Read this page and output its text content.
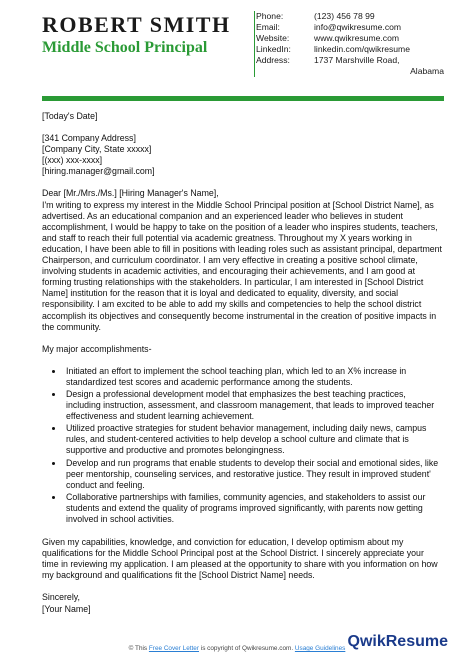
ROBERT SMITH
Middle School Principal
Phone:	(123) 456 78 99
Email:	info@qwikresume.com
Website:	www.qwikresume.com
LinkedIn:	linkedin.com/qwikresume
Address:	1737 Marshville Road,
Alabama

[Today's Date]

[341 Company Address]

[Company City, State xxxxx]

[(xxx) xxx-xxxx]

[hiring.manager@gmail.com]

Dear [Mr./Mrs./Ms.] [Hiring Manager's Name],

I'm writing to express my interest in the Middle School Principal position at [School District Name], as advertised. As an educational companion and an experienced leader who believes in student accomplishment, I would be happy to take on the position of a leader who inspires students, teachers, and staff to reach their full potential via academic greatness. Throughout my X years working in education, I have been able to fill in positions with leading roles such as assistant principal, department Chairperson, and curriculum coordinator. I am very effective in creating a positive school climate, involving students in academic activities, and encouraging their achievements, and I am good at forming trusting relationships with the stakeholders. In particular, I am interested in [School District Name] institution for the reason that it is loyal and dedicated to equality, diversity, and social responsibility. I am excited to be able to add my skills and competencies to help the school district accomplish its objectives and consequently become instrumental in the creation of positive impacts in the community.

My major accomplishments-

• Initiated an effort to implement the school teaching plan, which led to an X% increase in standardized test scores and academic performance among the students.
• Design a professional development model that emphasizes the best teaching practices, including instruction, assessment, and classroom management, that leads to improved teacher effectiveness and student learning achievement.
• Utilized proactive strategies for student behavior management, including daily news, campus rules, and student-centered activities to help develop a school culture and climate that is supportive and productive and promotes belongingness.
• Develop and run programs that enable students to develop their social and emotional sides, like peer mentorship, counseling services, and restorative justice. They result in improved student' conduct and feeling.
• Collaborative partnerships with families, community agencies, and stakeholders to assist our students and extend the quality of programs improved significantly, with parents now getting involved in school activities.

Given my capabilities, knowledge, and conviction for education, I develop optimism about my qualifications for the Middle School Principal post at the School District. I sincerely appreciate your time in reviewing my application. I am pleased at the opportunity to share with you information on how my background and qualifications fit the [School District Name] needs.

Sincerely,

[Your Name]

© This Free Cover Letter is copyright of Qwikresume.com. Usage Guidelines QwikResume
